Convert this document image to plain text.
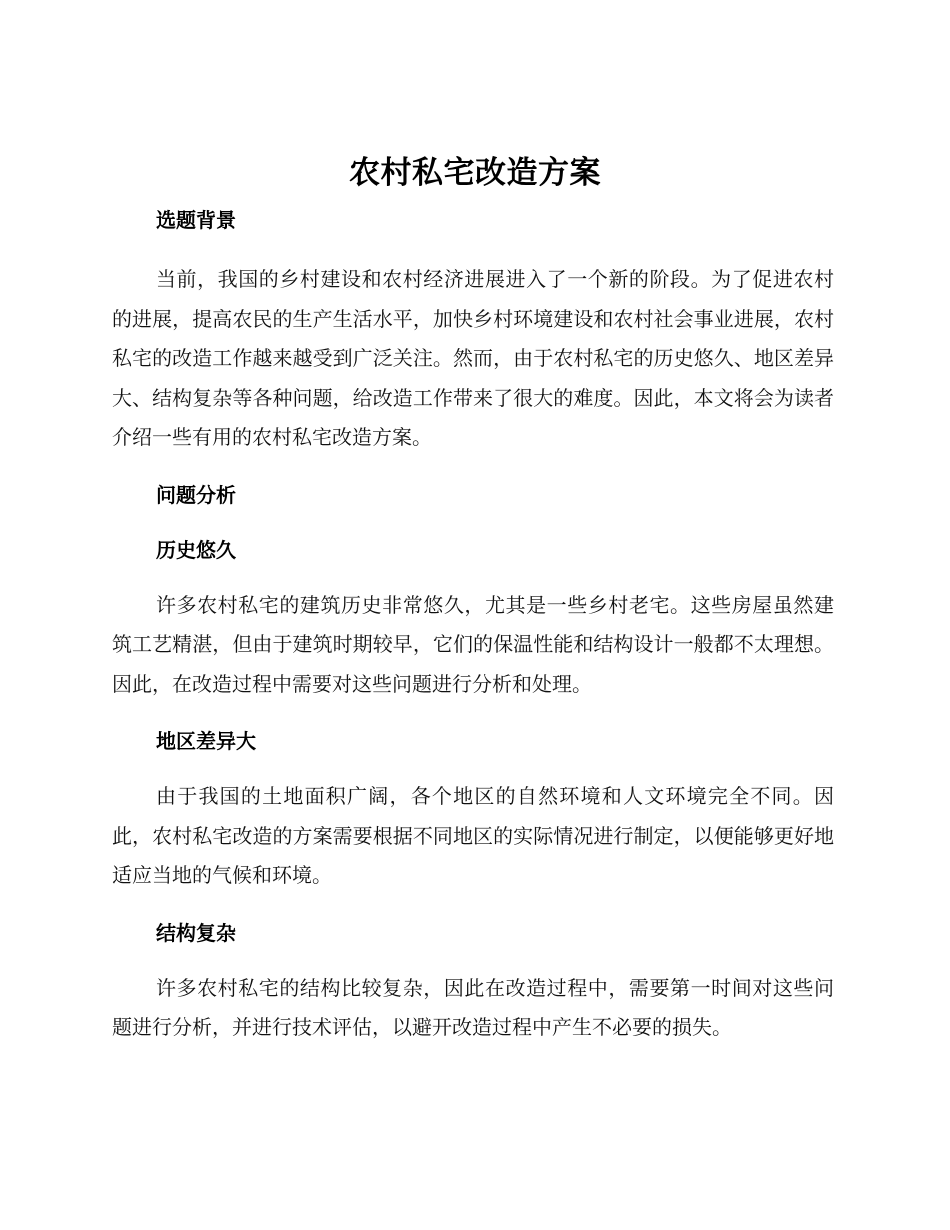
农村私宅改造方案
选题背景

当前，我国的乡村建设和农村经济进展进入了一个新的阶段。为了促进农村的进展，提高农民的生产生活水平，加快乡村环境建设和农村社会事业进展，农村私宅的改造工作越来越受到广泛关注。然而，由于农村私宅的历史悠久、地区差异大、结构复杂等各种问题，给改造工作带来了很大的难度。因此，本文将会为读者介绍一些有用的农村私宅改造方案。

问题分析
历史悠久

许多农村私宅的建筑历史非常悠久，尤其是一些乡村老宅。这些房屋虽然建筑工艺精湛，但由于建筑时期较早，它们的保温性能和结构设计一般都不太理想。因此，在改造过程中需要对这些问题进行分析和处理。

地区差异大

由于我国的土地面积广阔，各个地区的自然环境和人文环境完全不同。因此，农村私宅改造的方案需要根据不同地区的实际情况进行制定，以便能够更好地适应当地的气候和环境。

结构复杂

许多农村私宅的结构比较复杂，因此在改造过程中，需要第一时间对这些问题进行分析，并进行技术评估，以避开改造过程中产生不必要的损失。
